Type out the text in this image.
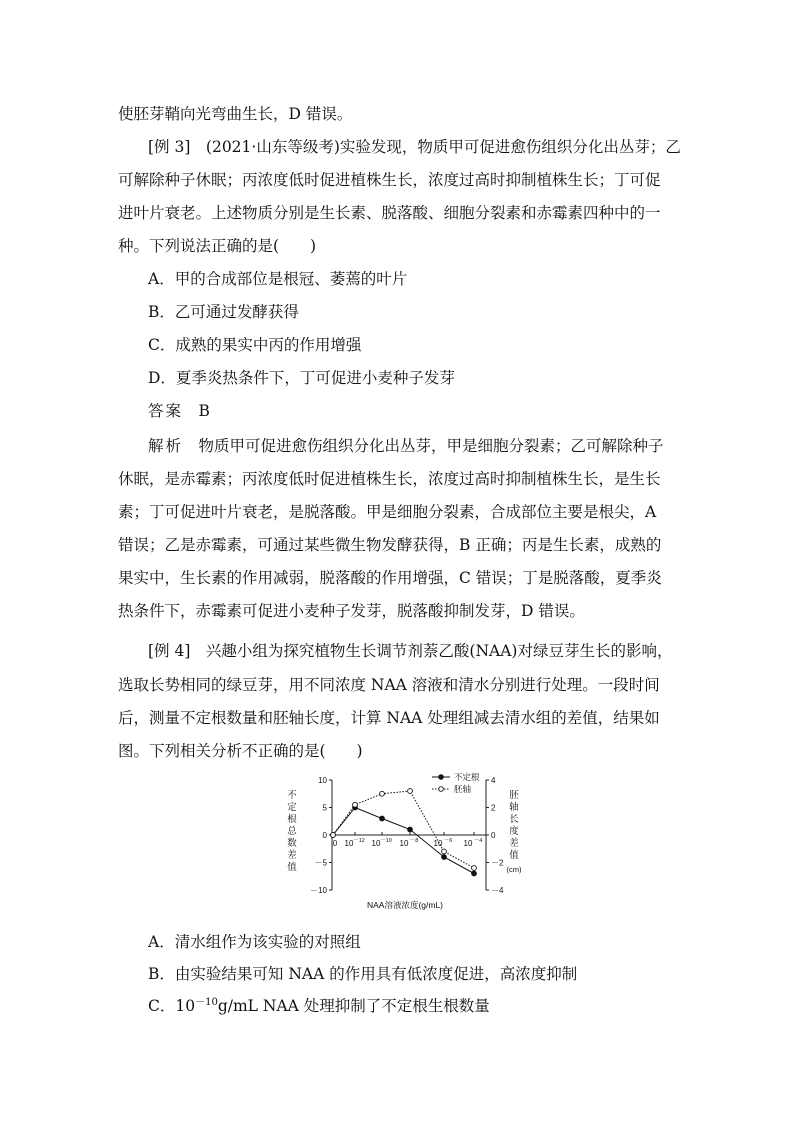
使胚芽鞘向光弯曲生长，D 错误。
[例 3]　 (2021·山东等级考)实验发现，物质甲可促进愈伤组织分化出丛芽；乙
可解除种子休眠；丙浓度低时促进植株生长，浓度过高时抑制植株生长；丁可促
进叶片衰老。上述物质分别是生长素、脱落酸、细胞分裂素和赤霉素四种中的一
种。下列说法正确的是(　　)
A．甲的合成部位是根冠、萎蔫的叶片
B．乙可通过发酵获得
C．成熟的果实中丙的作用增强
D．夏季炎热条件下，丁可促进小麦种子发芽
答案　 B
解析　 物质甲可促进愈伤组织分化出丛芽，甲是细胞分裂素；乙可解除种子
休眠，是赤霉素；丙浓度低时促进植株生长，浓度过高时抑制植株生长，是生长
素；丁可促进叶片衰老，是脱落酸。甲是细胞分裂素，合成部位主要是根尖，A
错误；乙是赤霉素，可通过某些微生物发酵获得，B 正确；丙是生长素，成熟的
果实中，生长素的作用减弱，脱落酸的作用增强，C 错误；丁是脱落酸，夏季炎
热条件下，赤霉素可促进小麦种子发芽，脱落酸抑制发芽，D 错误。
[例 4]　 兴趣小组为探究植物生长调节剂萘乙酸(NAA)对绿豆芽生长的影响，
选取长势相同的绿豆芽，用不同浓度 NAA 溶液和清水分别进行处理。一段时间
后，测量不定根数量和胚轴长度，计算 NAA 处理组减去清水组的差值，结果如
图。下列相关分析不正确的是(　　)
10
5
0
－5
－10
4
2
0
－2
－4
0 10 －12 10 －10 10 －8 10 －6 10 －4
不
定
根
总
数
差
值
胚
轴
长
度
差
值
(cm)
NAA溶液浓度(g/mL)
不定根
胚轴
A．清水组作为该实验的对照组
B．由实验结果可知 NAA 的作用具有低浓度促进，高浓度抑制
C．$10^{-10}g/mL$ NAA 处理抑制了不定根生根数量
